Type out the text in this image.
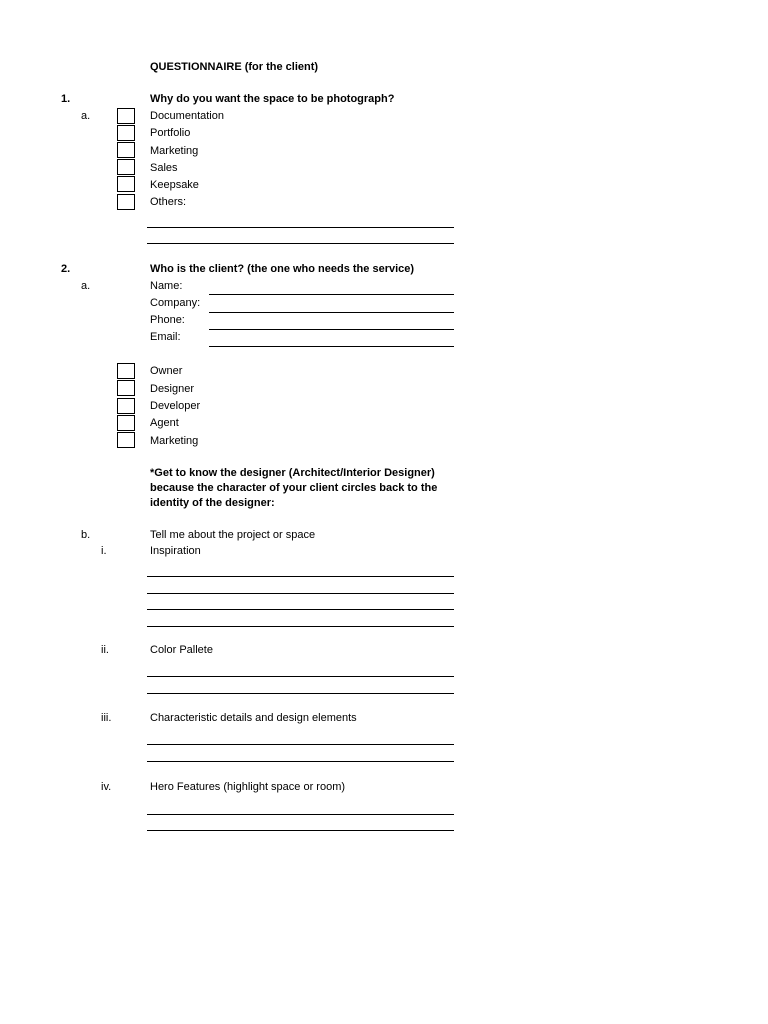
QUESTIONNAIRE (for the client)
1.	Why do you want the space to be photograph?
a.	Documentation
Portfolio
Marketing
Sales
Keepsake
Others:
2.	Who is the client? (the one who needs the service)
a.	Name:
Company:
Phone:
Email:
Owner
Designer
Developer
Agent
Marketing
*Get to know the designer (Architect/Interior Designer)
because the character of your client circles back to the
identity of the designer:
b.	Tell me about the project or space
i.	Inspiration
ii.	Color Pallete
iii.	Characteristic details and design elements
iv.	Hero Features (highlight space or room)
